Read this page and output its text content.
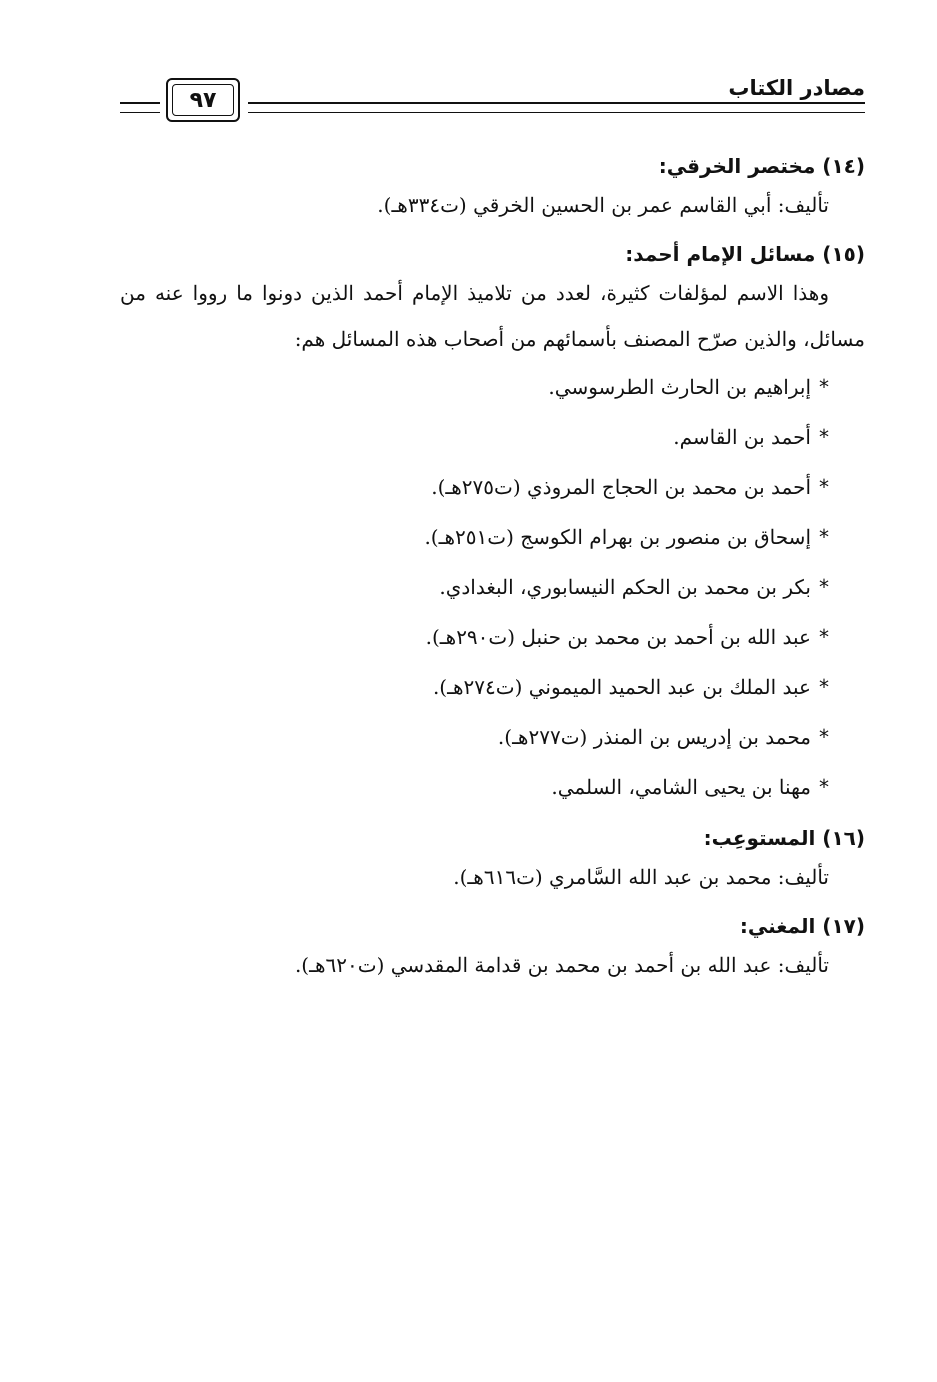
مصادر الكتاب
٩٧

(١٤) مختصر الخرقي:

تأليف: أبي القاسم عمر بن الحسين الخرقي (ت٣٣٤هـ).

(١٥) مسائل الإمام أحمد:

وهذا الاسم لمؤلفات كثيرة، لعدد من تلاميذ الإمام أحمد الذين دونوا ما رووا عنه من مسائل، والذين صرّح المصنف بأسمائهم من أصحاب هذه المسائل هم:

*إبراهيم بن الحارث الطرسوسي.
*أحمد بن القاسم.
*أحمد بن محمد بن الحجاج المروذي (ت٢٧٥هـ).
*إسحاق بن منصور بن بهرام الكوسج (ت٢٥١هـ).
*بكر بن محمد بن الحكم النيسابوري، البغدادي.
*عبد الله بن أحمد بن محمد بن حنبل (ت٢٩٠هـ).
*عبد الملك بن عبد الحميد الميموني (ت٢٧٤هـ).
*محمد بن إدريس بن المنذر (ت٢٧٧هـ).
*مهنا بن يحيى الشامي، السلمي.

(١٦) المستوعِب:

تأليف: محمد بن عبد الله السَّامري (ت٦١٦هـ).

(١٧) المغني:

تأليف: عبد الله بن أحمد بن محمد بن قدامة المقدسي (ت٦٢٠هـ).
